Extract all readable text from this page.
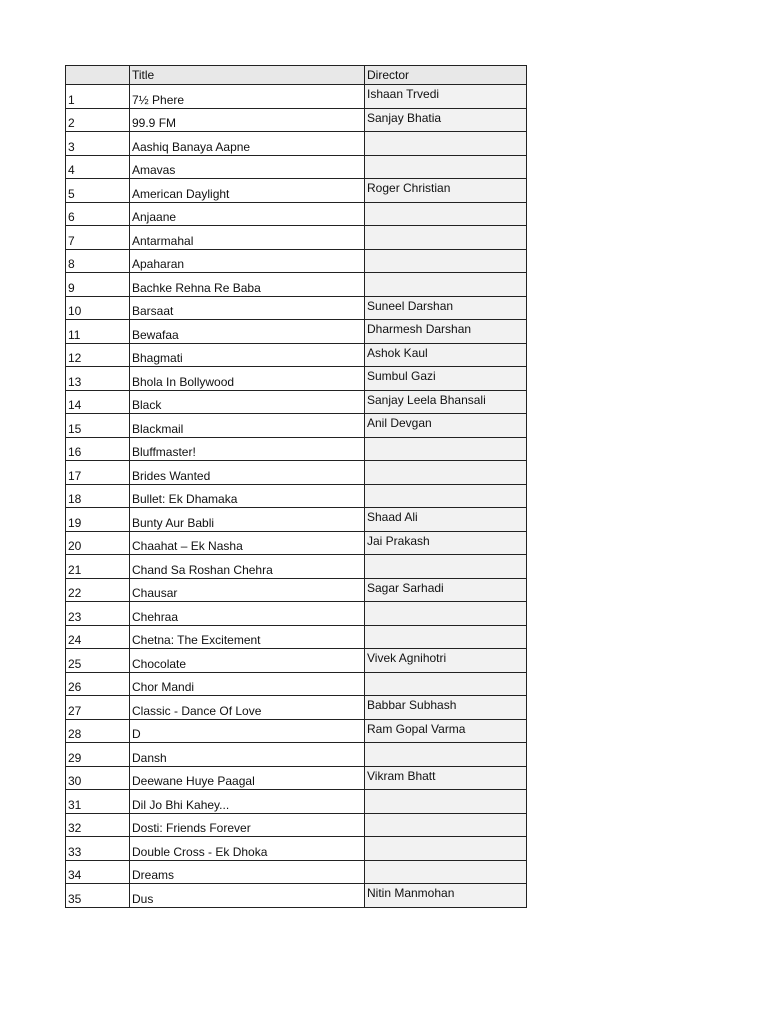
	Title	Director
1	7½ Phere	Ishaan Trvedi
2	99.9 FM	Sanjay Bhatia
3	Aashiq Banaya Aapne	
4	Amavas	
5	American Daylight	Roger Christian
6	Anjaane	
7	Antarmahal	
8	Apaharan	
9	Bachke Rehna Re Baba	
10	Barsaat	Suneel Darshan
11	Bewafaa	Dharmesh Darshan
12	Bhagmati	Ashok Kaul
13	Bhola In Bollywood	Sumbul Gazi
14	Black	Sanjay Leela Bhansali
15	Blackmail	Anil Devgan
16	Bluffmaster!	
17	Brides Wanted	
18	Bullet: Ek Dhamaka	
19	Bunty Aur Babli	Shaad Ali
20	Chaahat – Ek Nasha	Jai Prakash
21	Chand Sa Roshan Chehra	
22	Chausar	Sagar Sarhadi
23	Chehraa	
24	Chetna: The Excitement	
25	Chocolate	Vivek Agnihotri
26	Chor Mandi	
27	Classic - Dance Of Love	Babbar Subhash
28	D	Ram Gopal Varma
29	Dansh	
30	Deewane Huye Paagal	Vikram Bhatt
31	Dil Jo Bhi Kahey...	
32	Dosti: Friends Forever	
33	Double Cross - Ek Dhoka	
34	Dreams	
35	Dus	Nitin Manmohan
